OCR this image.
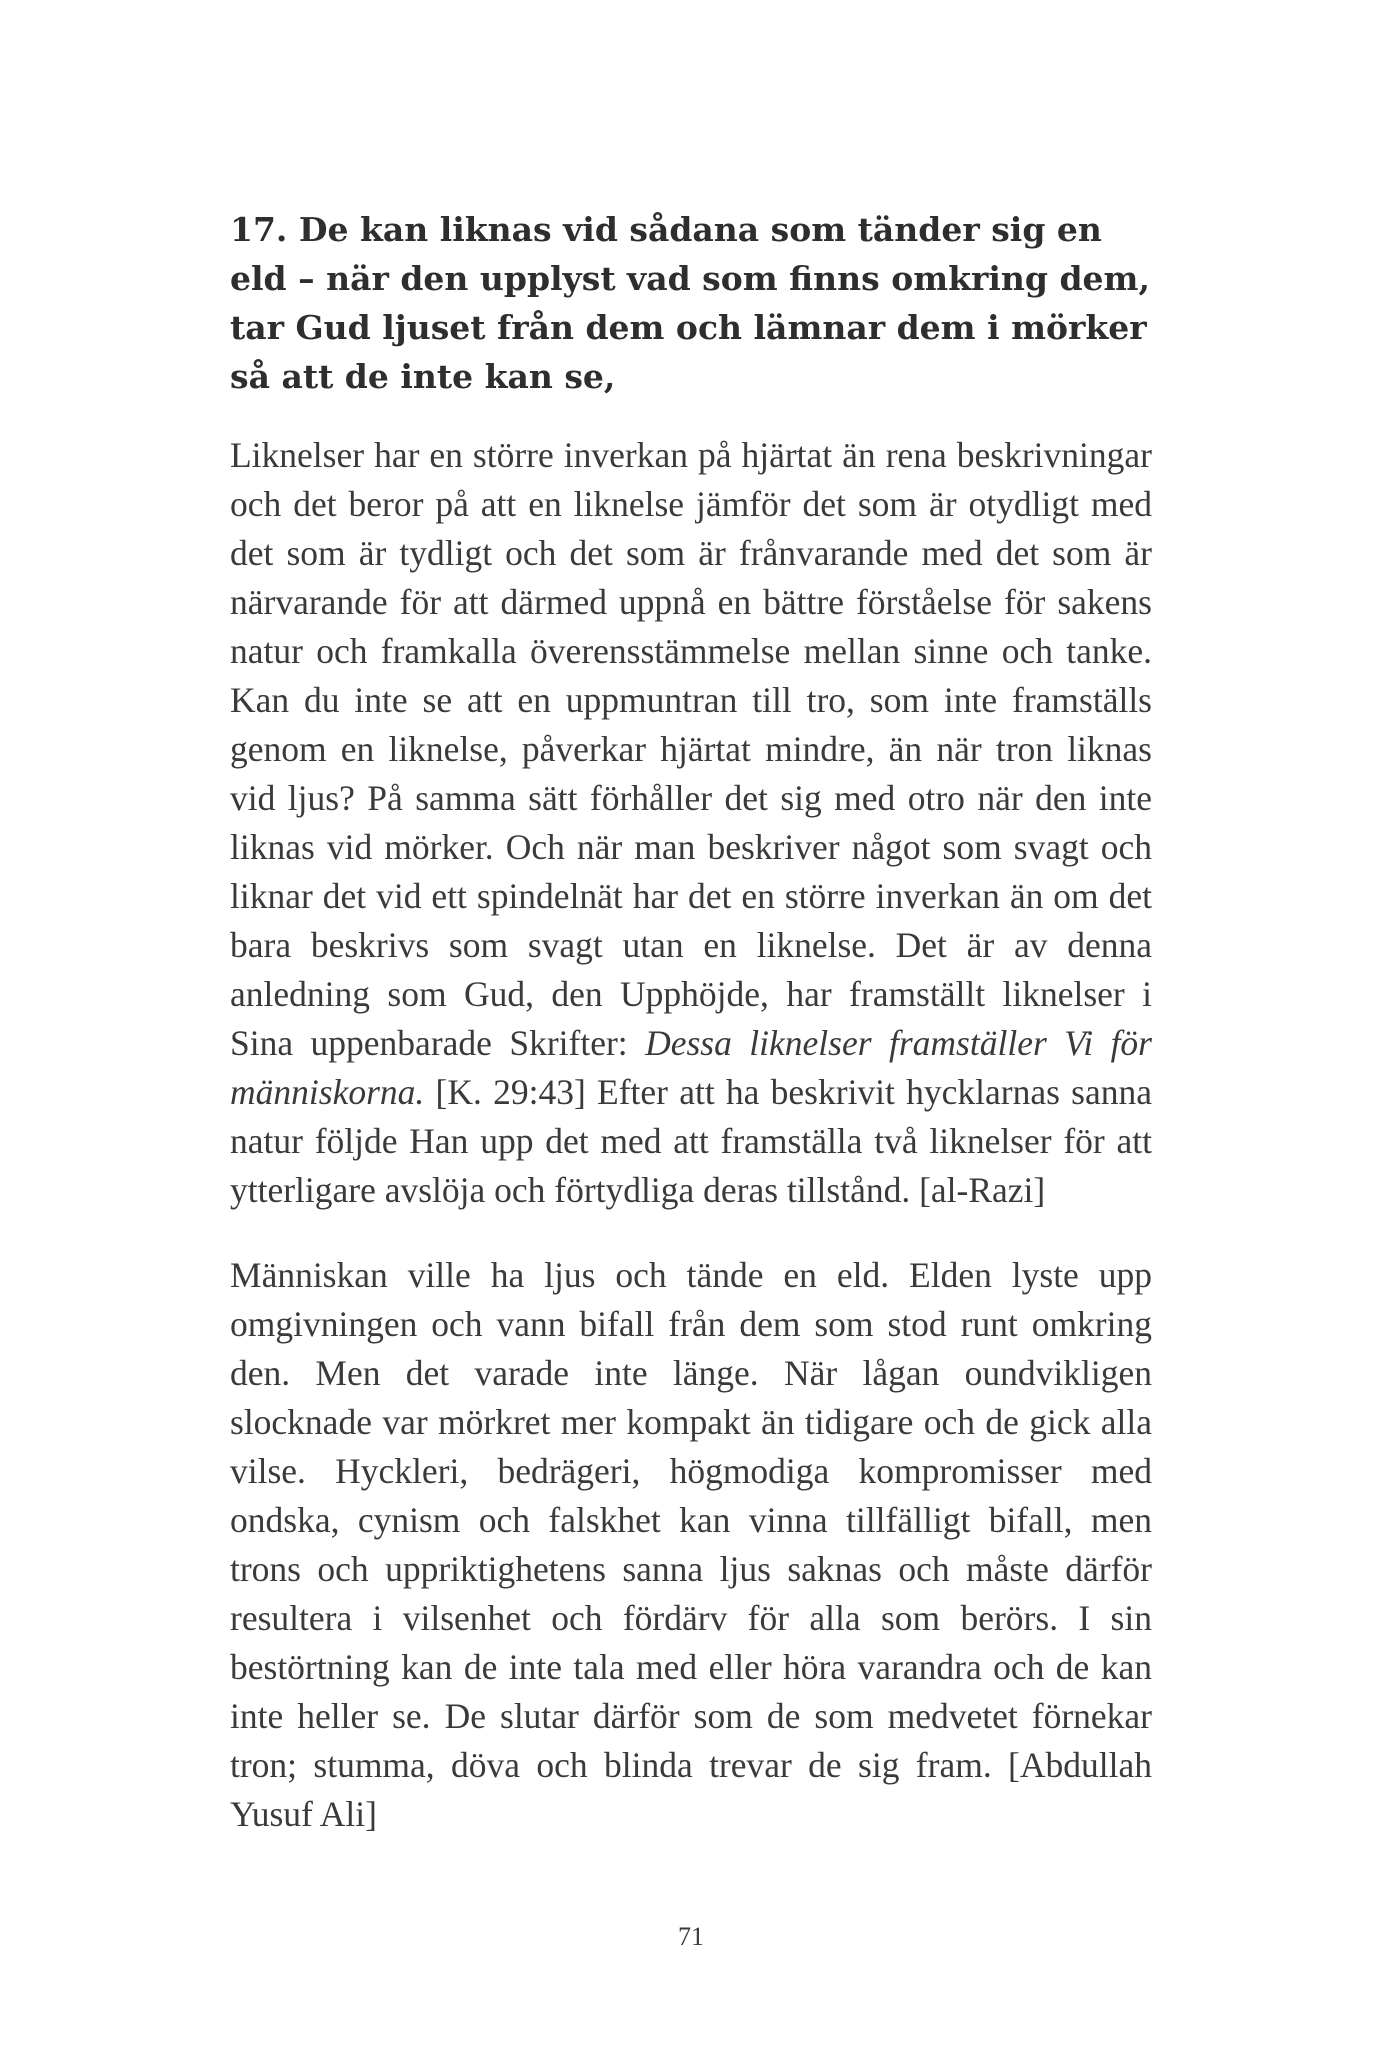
17. De kan liknas vid sådana som tänder sig en eld – när den upplyst vad som finns omkring dem, tar Gud ljuset från dem och lämnar dem i mörker så att de inte kan se,

Liknelser har en större inverkan på hjärtat än rena beskrivningar och det beror på att en liknelse jämför det som är otydligt med det som är tydligt och det som är frånvarande med det som är närvarande för att därmed uppnå en bättre förståelse för sakens natur och framkalla överensstämmelse mellan sinne och tanke. Kan du inte se att en uppmuntran till tro, som inte framställs genom en liknelse, påverkar hjärtat mindre, än när tron liknas vid ljus? På samma sätt förhåller det sig med otro när den inte liknas vid mörker. Och när man beskriver något som svagt och liknar det vid ett spindelnät har det en större inverkan än om det bara beskrivs som svagt utan en liknelse. Det är av denna anledning som Gud, den Upphöjde, har framställt liknelser i Sina uppenbarade Skrifter: Dessa liknelser framställer Vi för människorna. [K. 29:43] Efter att ha beskrivit hycklarnas sanna natur följde Han upp det med att framställa två liknelser för att ytterligare avslöja och förtydliga deras tillstånd. [al-Razi]

Människan ville ha ljus och tände en eld. Elden lyste upp omgivningen och vann bifall från dem som stod runt omkring den. Men det varade inte länge. När lågan oundvikligen slocknade var mörkret mer kompakt än tidigare och de gick alla vilse. Hyckleri, bedrägeri, högmodiga kompromisser med ondska, cynism och falskhet kan vinna tillfälligt bifall, men trons och uppriktighetens sanna ljus saknas och måste därför resultera i vilsenhet och fördärv för alla som berörs. I sin bestörtning kan de inte tala med eller höra varandra och de kan inte heller se. De slutar därför som de som medvetet förnekar tron; stumma, döva och blinda trevar de sig fram. [Abdullah Yusuf Ali]

71
